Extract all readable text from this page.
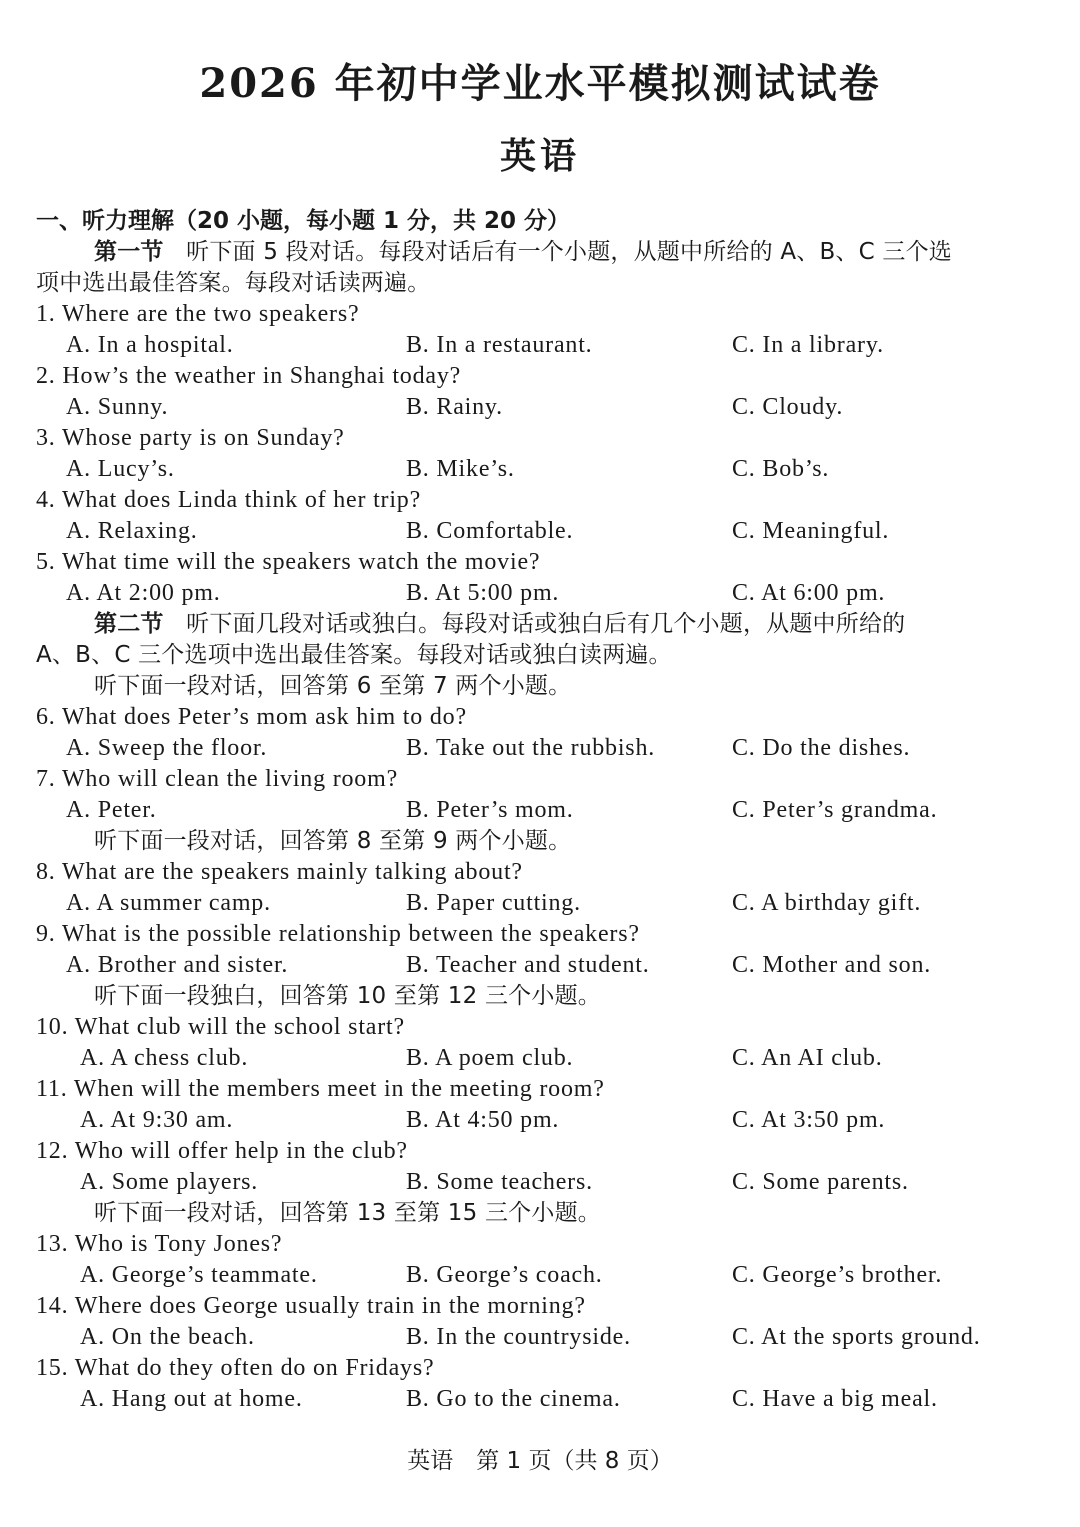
2026 年初中学业水平模拟测试试卷
英语
一、听力理解（20 小题，每小题 1 分，共 20 分）
第一节 听下面 5 段对话。每段对话后有一个小题，从题中所给的 A、B、C 三个选
项中选出最佳答案。每段对话读两遍。
1. Where are the two speakers?
A. In a hospital.	B. In a restaurant.	C. In a library.
2. How’s the weather in Shanghai today?
A. Sunny.	B. Rainy.	C. Cloudy.
3. Whose party is on Sunday?
A. Lucy’s.	B. Mike’s.	C. Bob’s.
4. What does Linda think of her trip?
A. Relaxing.	B. Comfortable.	C. Meaningful.
5. What time will the speakers watch the movie?
A. At 2:00 pm.	B. At 5:00 pm.	C. At 6:00 pm.
第二节 听下面几段对话或独白。每段对话或独白后有几个小题，从题中所给的
A、B、C 三个选项中选出最佳答案。每段对话或独白读两遍。
听下面一段对话，回答第 6 至第 7 两个小题。
6. What does Peter’s mom ask him to do?
A. Sweep the floor.	B. Take out the rubbish.	C. Do the dishes.
7. Who will clean the living room?
A. Peter.	B. Peter’s mom.	C. Peter’s grandma.
听下面一段对话，回答第 8 至第 9 两个小题。
8. What are the speakers mainly talking about?
A. A summer camp.	B. Paper cutting.	C. A birthday gift.
9. What is the possible relationship between the speakers?
A. Brother and sister.	B. Teacher and student.	C. Mother and son.
听下面一段独白，回答第 10 至第 12 三个小题。
10. What club will the school start?
A. A chess club.	B. A poem club.	C. An AI club.
11. When will the members meet in the meeting room?
A. At 9:30 am.	B. At 4:50 pm.	C. At 3:50 pm.
12. Who will offer help in the club?
A. Some players.	B. Some teachers.	C. Some parents.
听下面一段对话，回答第 13 至第 15 三个小题。
13. Who is Tony Jones?
A. George’s teammate.	B. George’s coach.	C. George’s brother.
14. Where does George usually train in the morning?
A. On the beach.	B. In the countryside.	C. At the sports ground.
15. What do they often do on Fridays?
A. Hang out at home.	B. Go to the cinema.	C. Have a big meal.
英语　第 1 页（共 8 页）
